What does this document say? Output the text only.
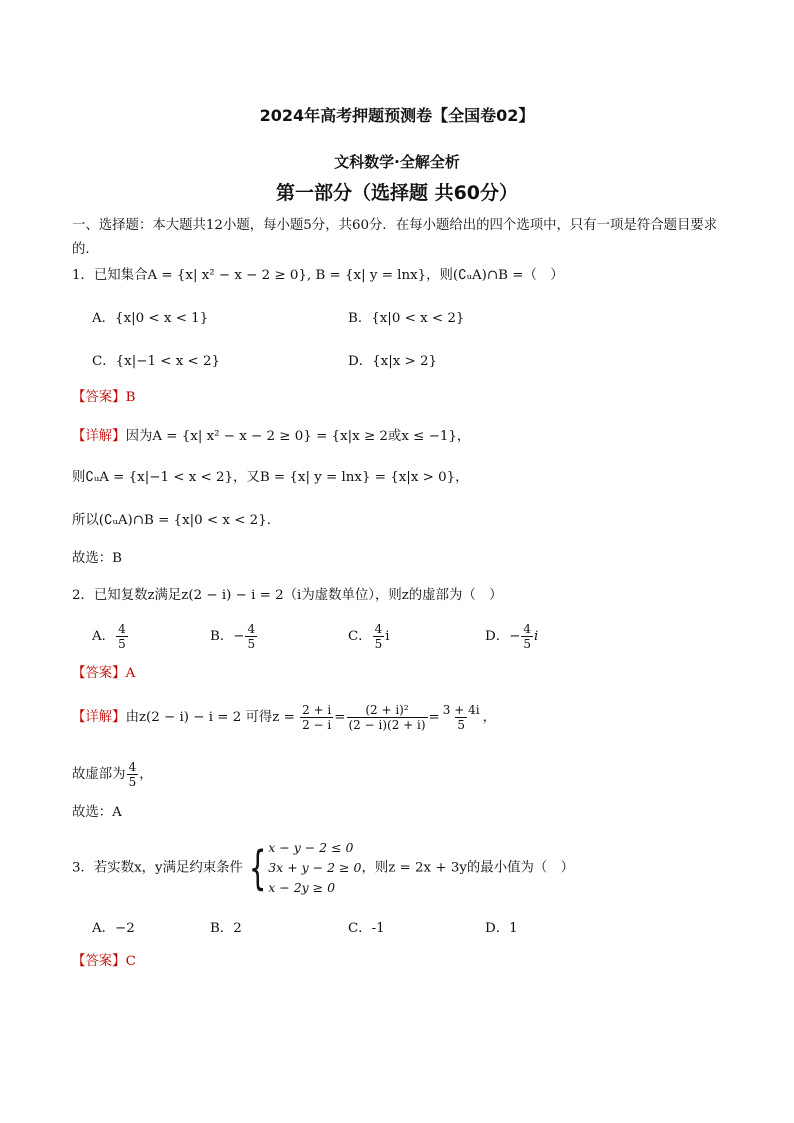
2024年高考押题预测卷【全国卷02】
文科数学·全解全析
第一部分（选择题 共60分）
一、选择题：本大题共12小题，每小题5分，共60分．在每小题给出的四个选项中，只有一项是符合题目要求的．
1．已知集合A = {x| x² − x − 2 ≥ 0}, B = {x| y = lnx}，则(∁ᵤA)∩B =（　）
A．{x|0 < x < 1}	B．{x|0 < x < 2}
C．{x|−1 < x < 2}	D．{x|x > 2}
【答案】B
【详解】因为A = {x| x² − x − 2 ≥ 0} = {x|x ≥ 2或x ≤ −1}，
则∁ᵤA = {x|−1 < x < 2}，又B = {x| y = lnx} = {x|x > 0}，
所以(∁ᵤA)∩B = {x|0 < x < 2}．
故选：B
2．已知复数z满足z(2 − i) − i = 2（i为虚数单位），则z的虚部为（　）
A． $\frac{4}{5}$	B．− $\frac{4}{5}$	C． $\frac{4}{5}$ i	D．− $\frac{4}{5}$ i
【答案】A
【详解】由z(2 − i) − i = 2 可得$z = \frac{2 + i}{2 - i} = \frac{\text{(2 + i)²}}{(2 - i)(2 + i)} = \frac{3 + 4i}{5}$ ，
故虚部为 $\frac{4}{5}$ ，
故选：A
3．若实数x，y满足约束条件 { x − y − 2 ≤ 0
3x + y − 2 ≥ 0
x − 2y ≥ 0
，则z = 2x + 3y的最小值为（　）
A．−2	B．2	C．-1	D．1
【答案】C
